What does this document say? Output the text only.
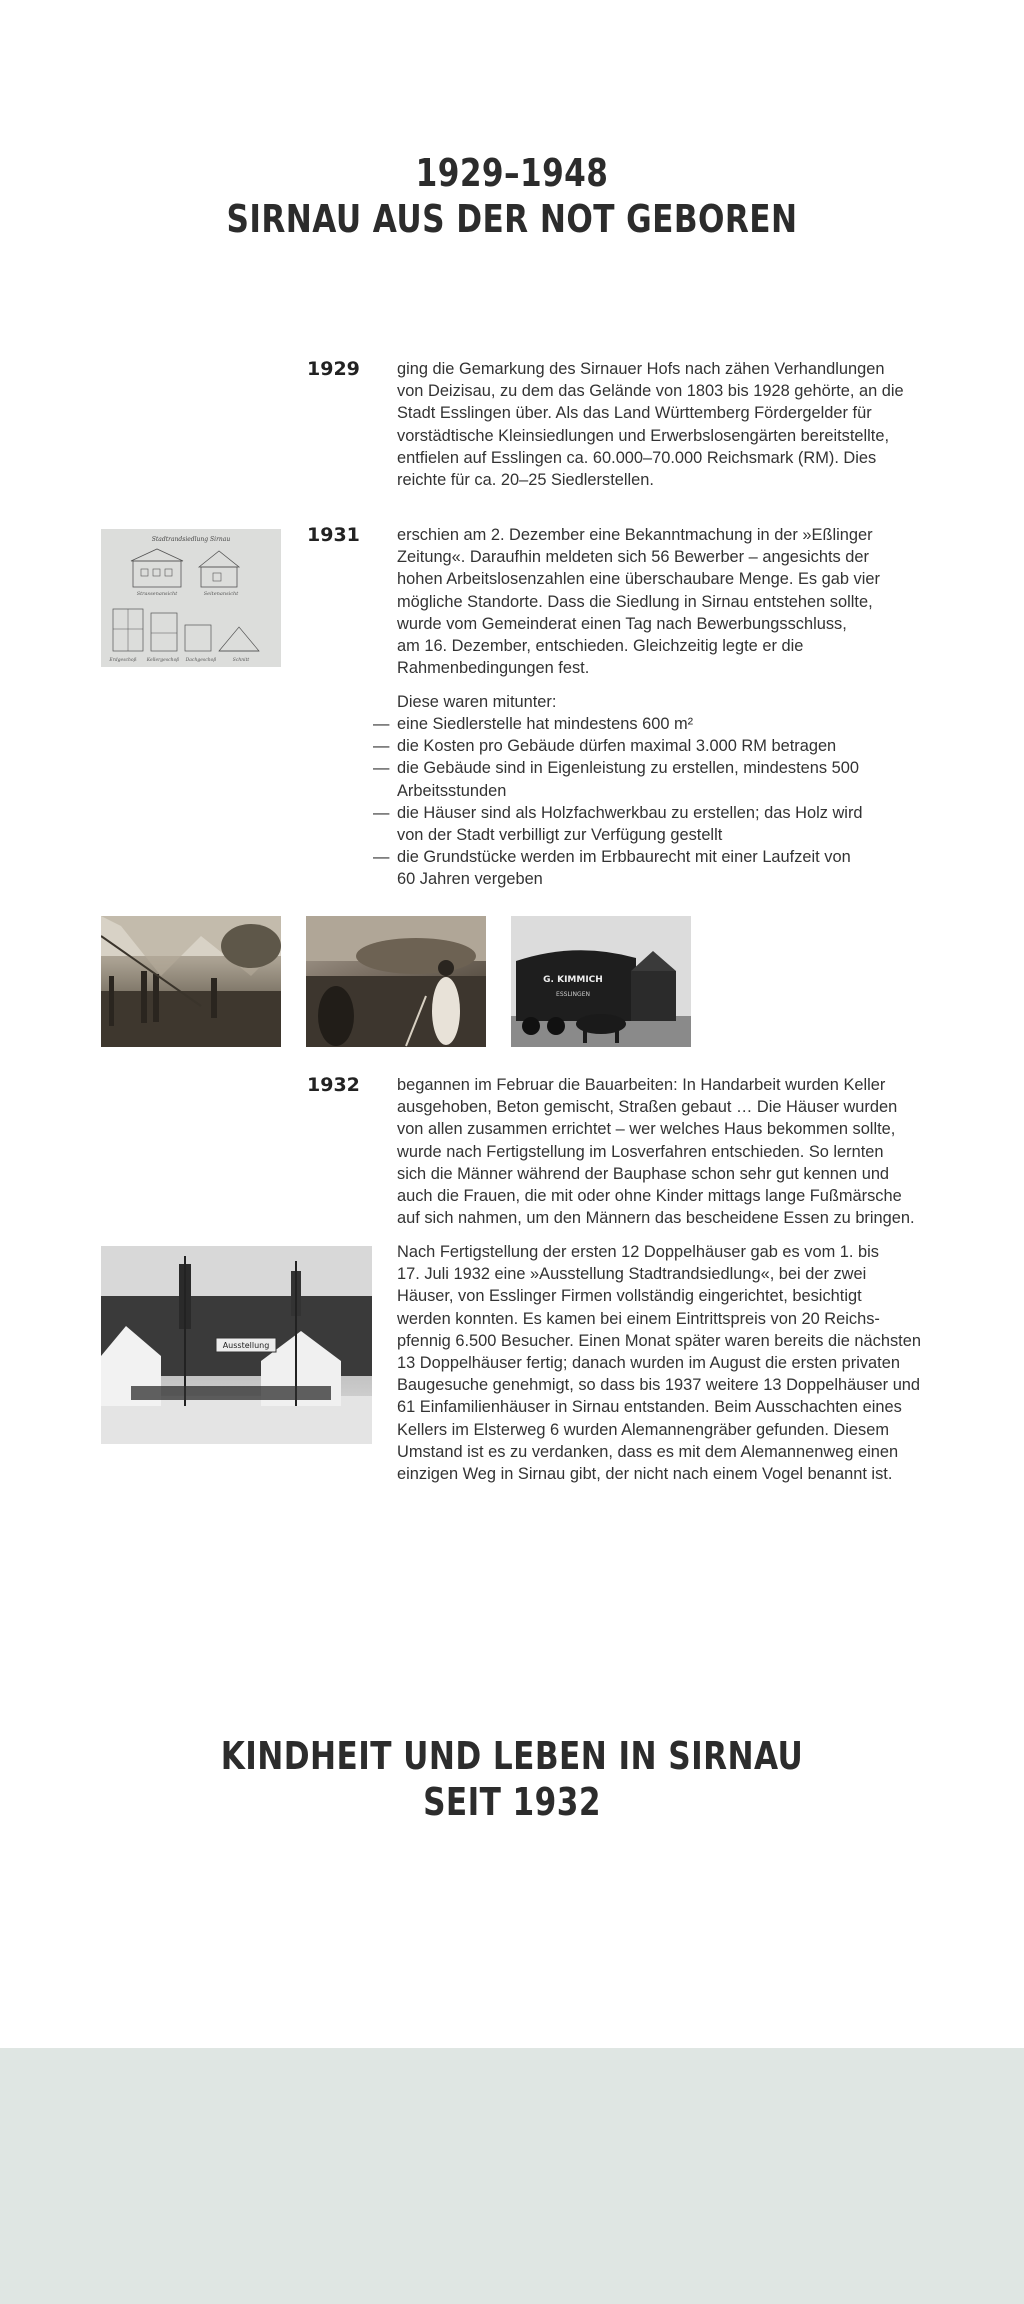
1929–1948
SIRNAU AUS DER NOT GEBOREN
1929 ging die Gemarkung des Sirnauer Hofs nach zähen Verhandlungen
von Deizisau, zu dem das Gelände von 1803 bis 1928 gehörte, an die
Stadt Esslingen über. Als das Land Württemberg Fördergelder für
vorstädtische Kleinsiedlungen und Erwerbslosengärten bereitstellte,
entfielen auf Esslingen ca. 60.000–70.000 Reichsmark (RM). Dies
reichte für ca. 20–25 Siedlerstellen.
Stadtrandsiedlung Sirnau
Strassenansicht	Seitenansicht
Erdgeschoß Kellergeschoß Dachgeschoß	Schnitt
1931 erschien am 2. Dezember eine Bekanntmachung in der »Eßlinger
Zeitung«. Daraufhin meldeten sich 56 Bewerber – angesichts der
hohen Arbeitslosenzahlen eine überschaubare Menge. Es gab vier
mögliche Standorte. Dass die Siedlung in Sirnau entstehen sollte,
wurde vom Gemeinderat einen Tag nach Bewerbungsschluss,
am 16. Dezember, entschieden. Gleichzeitig legte er die
Rahmenbedingungen fest.
Diese waren mitunter:
— eine Siedlerstelle hat mindestens 600 m²
— die Kosten pro Gebäude dürfen maximal 3.000 RM betragen
— die Gebäude sind in Eigenleistung zu erstellen, mindestens 500
Arbeitsstunden
— die Häuser sind als Holzfachwerkbau zu erstellen; das Holz wird
von der Stadt verbilligt zur Verfügung gestellt
— die Grundstücke werden im Erbbaurecht mit einer Laufzeit von
60 Jahren vergeben
G. KIMMICH
ESSLINGEN
1932 begannen im Februar die Bauarbeiten: In Handarbeit wurden Keller
ausgehoben, Beton gemischt, Straßen gebaut … Die Häuser wurden
von allen zusammen errichtet – wer welches Haus bekommen sollte,
wurde nach Fertigstellung im Losverfahren entschieden. So lernten
sich die Männer während der Bauphase schon sehr gut kennen und
auch die Frauen, die mit oder ohne Kinder mittags lange Fußmärsche
auf sich nahmen, um den Männern das bescheidene Essen zu bringen.
Nach Fertigstellung der ersten 12 Doppelhäuser gab es vom 1. bis
17. Juli 1932 eine »Ausstellung Stadtrandsiedlung«, bei der zwei
Häuser, von Esslinger Firmen vollständig eingerichtet, besichtigt
werden konnten. Es kamen bei einem Eintrittspreis von 20 Reichs-
pfennig 6.500 Besucher. Einen Monat später waren bereits die nächsten
13 Doppelhäuser fertig; danach wurden im August die ersten privaten
Baugesuche genehmigt, so dass bis 1937 weitere 13 Doppelhäuser und
61 Einfamilienhäuser in Sirnau entstanden. Beim Ausschachten eines
Kellers im Elsterweg 6 wurden Alemannengräber gefunden. Diesem
Umstand ist es zu verdanken, dass es mit dem Alemannenweg einen
einzigen Weg in Sirnau gibt, der nicht nach einem Vogel benannt ist.
Ausstellung
KINDHEIT UND LEBEN IN SIRNAU
SEIT 1932
